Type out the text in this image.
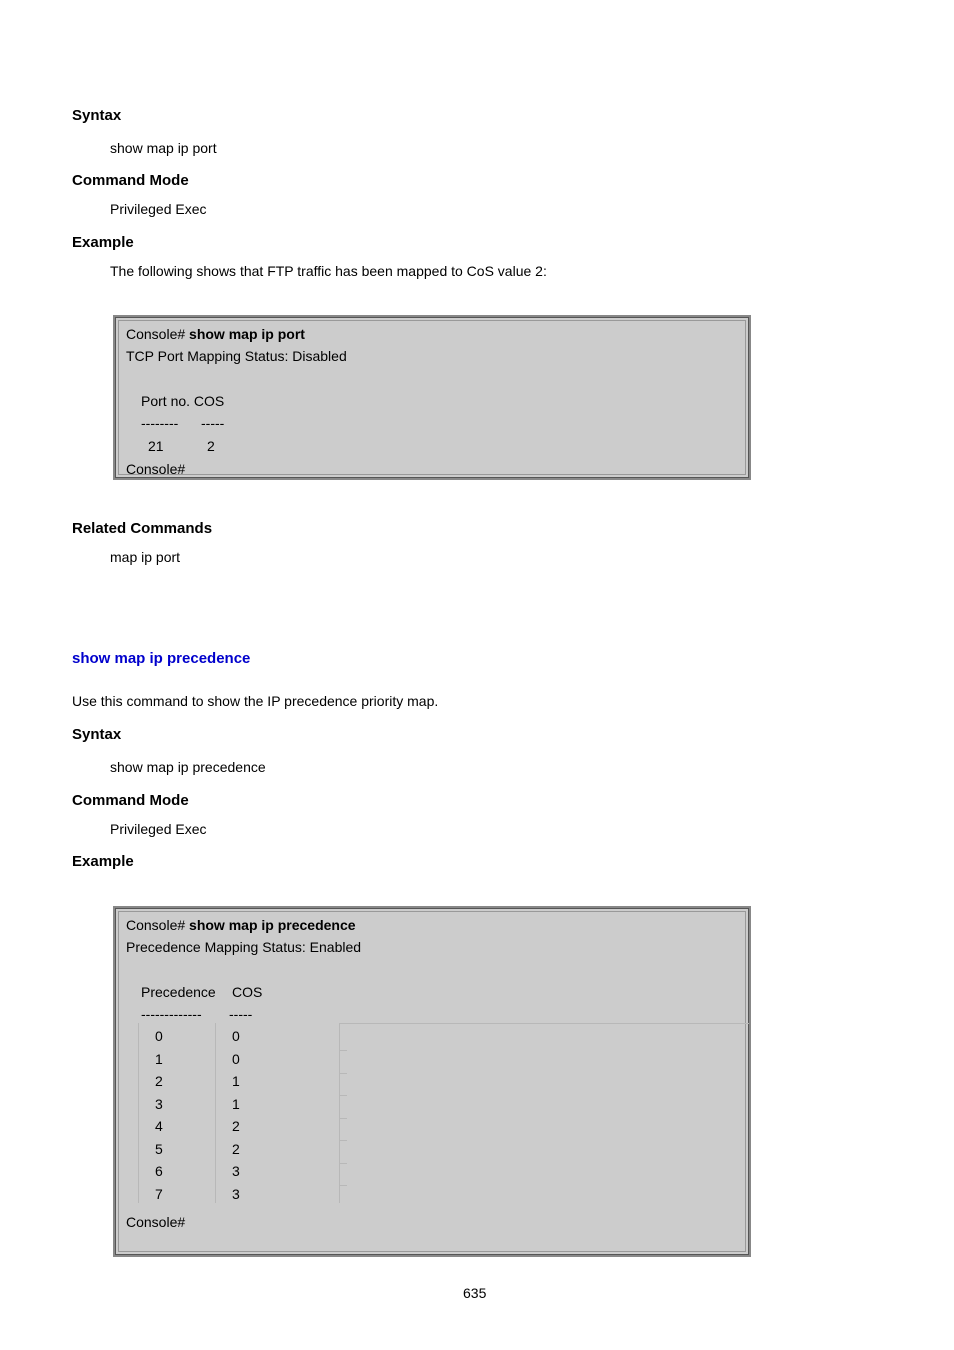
Syntax
show map ip port
Command Mode
Privileged Exec
Example
The following shows that FTP traffic has been mapped to CoS value 2:
Console# show map ip port
TCP Port Mapping Status: Disabled
Port no. COS
-------- -----
21	2
Console#
Related Commands
map ip port
show map ip precedence
Use this command to show the IP precedence priority map.
Syntax
show map ip precedence
Command Mode
Privileged Exec
Example
Console# show map ip precedence
Precedence Mapping Status: Enabled
Precedence COS
------------- -----
0	0
1	0
2	1
3	1
4	2
5	2
6	3
7	3
Console#
635
